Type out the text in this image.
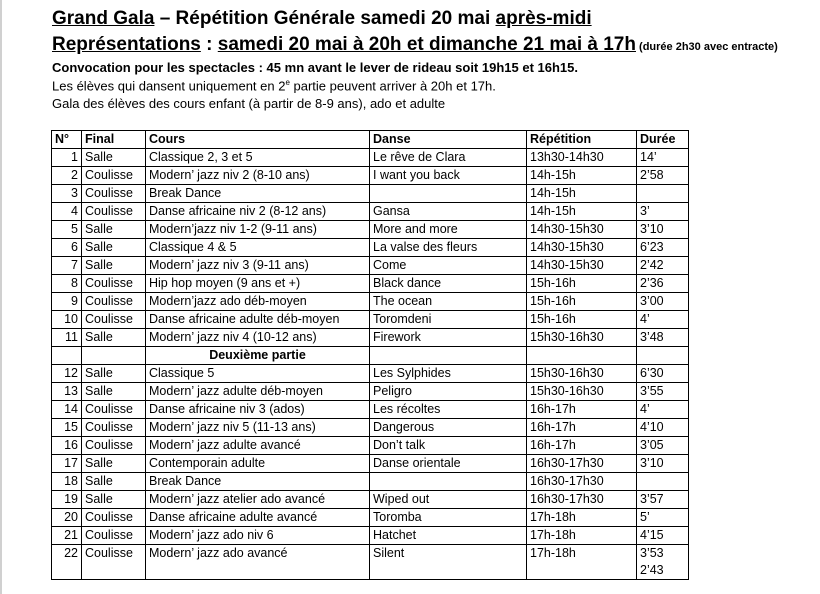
Grand Gala – Répétition Générale samedi 20 mai après-midi
Représentations : samedi 20 mai à 20h et dimanche 21 mai à 17h (durée 2h30 avec entracte)
Convocation pour les spectacles : 45 mn avant le lever de rideau soit 19h15 et 16h15.
Les élèves qui dansent uniquement en 2e partie peuvent arriver à 20h et 17h.
Gala des élèves des cours enfant (à partir de 8-9 ans), ado et adulte
N°	Final	Cours	Danse	Répétition	Durée
1	Salle	Classique 2, 3 et 5	Le rêve de Clara	13h30-14h30	14’
2	Coulisse	Modern’ jazz niv 2 (8-10 ans)	I want you back	14h-15h	2’58
3	Coulisse	Break Dance		14h-15h	
4	Coulisse	Danse africaine niv 2 (8-12 ans)	Gansa	14h-15h	3’
5	Salle	Modern’jazz niv 1-2 (9-11 ans)	More and more	14h30-15h30	3’10
6	Salle	Classique 4 & 5	La valse des fleurs	14h30-15h30	6’23
7	Salle	Modern’ jazz niv 3 (9-11 ans)	Come	14h30-15h30	2’42
8	Coulisse	Hip hop moyen (9 ans et +)	Black dance	15h-16h	2’36
9	Coulisse	Modern’jazz ado déb-moyen	The ocean	15h-16h	3’00
10	Coulisse	Danse africaine adulte déb-moyen	Toromdeni	15h-16h	4’
11	Salle	Modern’ jazz niv 4 (10-12 ans)	Firework	15h30-16h30	3’48
		Deuxième partie			
12	Salle	Classique 5	Les Sylphides	15h30-16h30	6’30
13	Salle	Modern’ jazz adulte déb-moyen	Peligro	15h30-16h30	3’55
14	Coulisse	Danse africaine niv 3 (ados)	Les récoltes	16h-17h	4’
15	Coulisse	Modern’ jazz niv 5 (11-13 ans)	Dangerous	16h-17h	4’10
16	Coulisse	Modern’ jazz adulte avancé	Don’t talk	16h-17h	3’05
17	Salle	Contemporain adulte	Danse orientale	16h30-17h30	3’10
18	Salle	Break Dance		16h30-17h30	
19	Salle	Modern’ jazz atelier ado avancé	Wiped out	16h30-17h30	3’57
20	Coulisse	Danse africaine adulte avancé	Toromba	17h-18h	5’
21	Coulisse	Modern’ jazz ado niv 6	Hatchet	17h-18h	4’15
22	Coulisse	Modern’ jazz ado avancé	Silent	17h-18h	3’53
2’43
